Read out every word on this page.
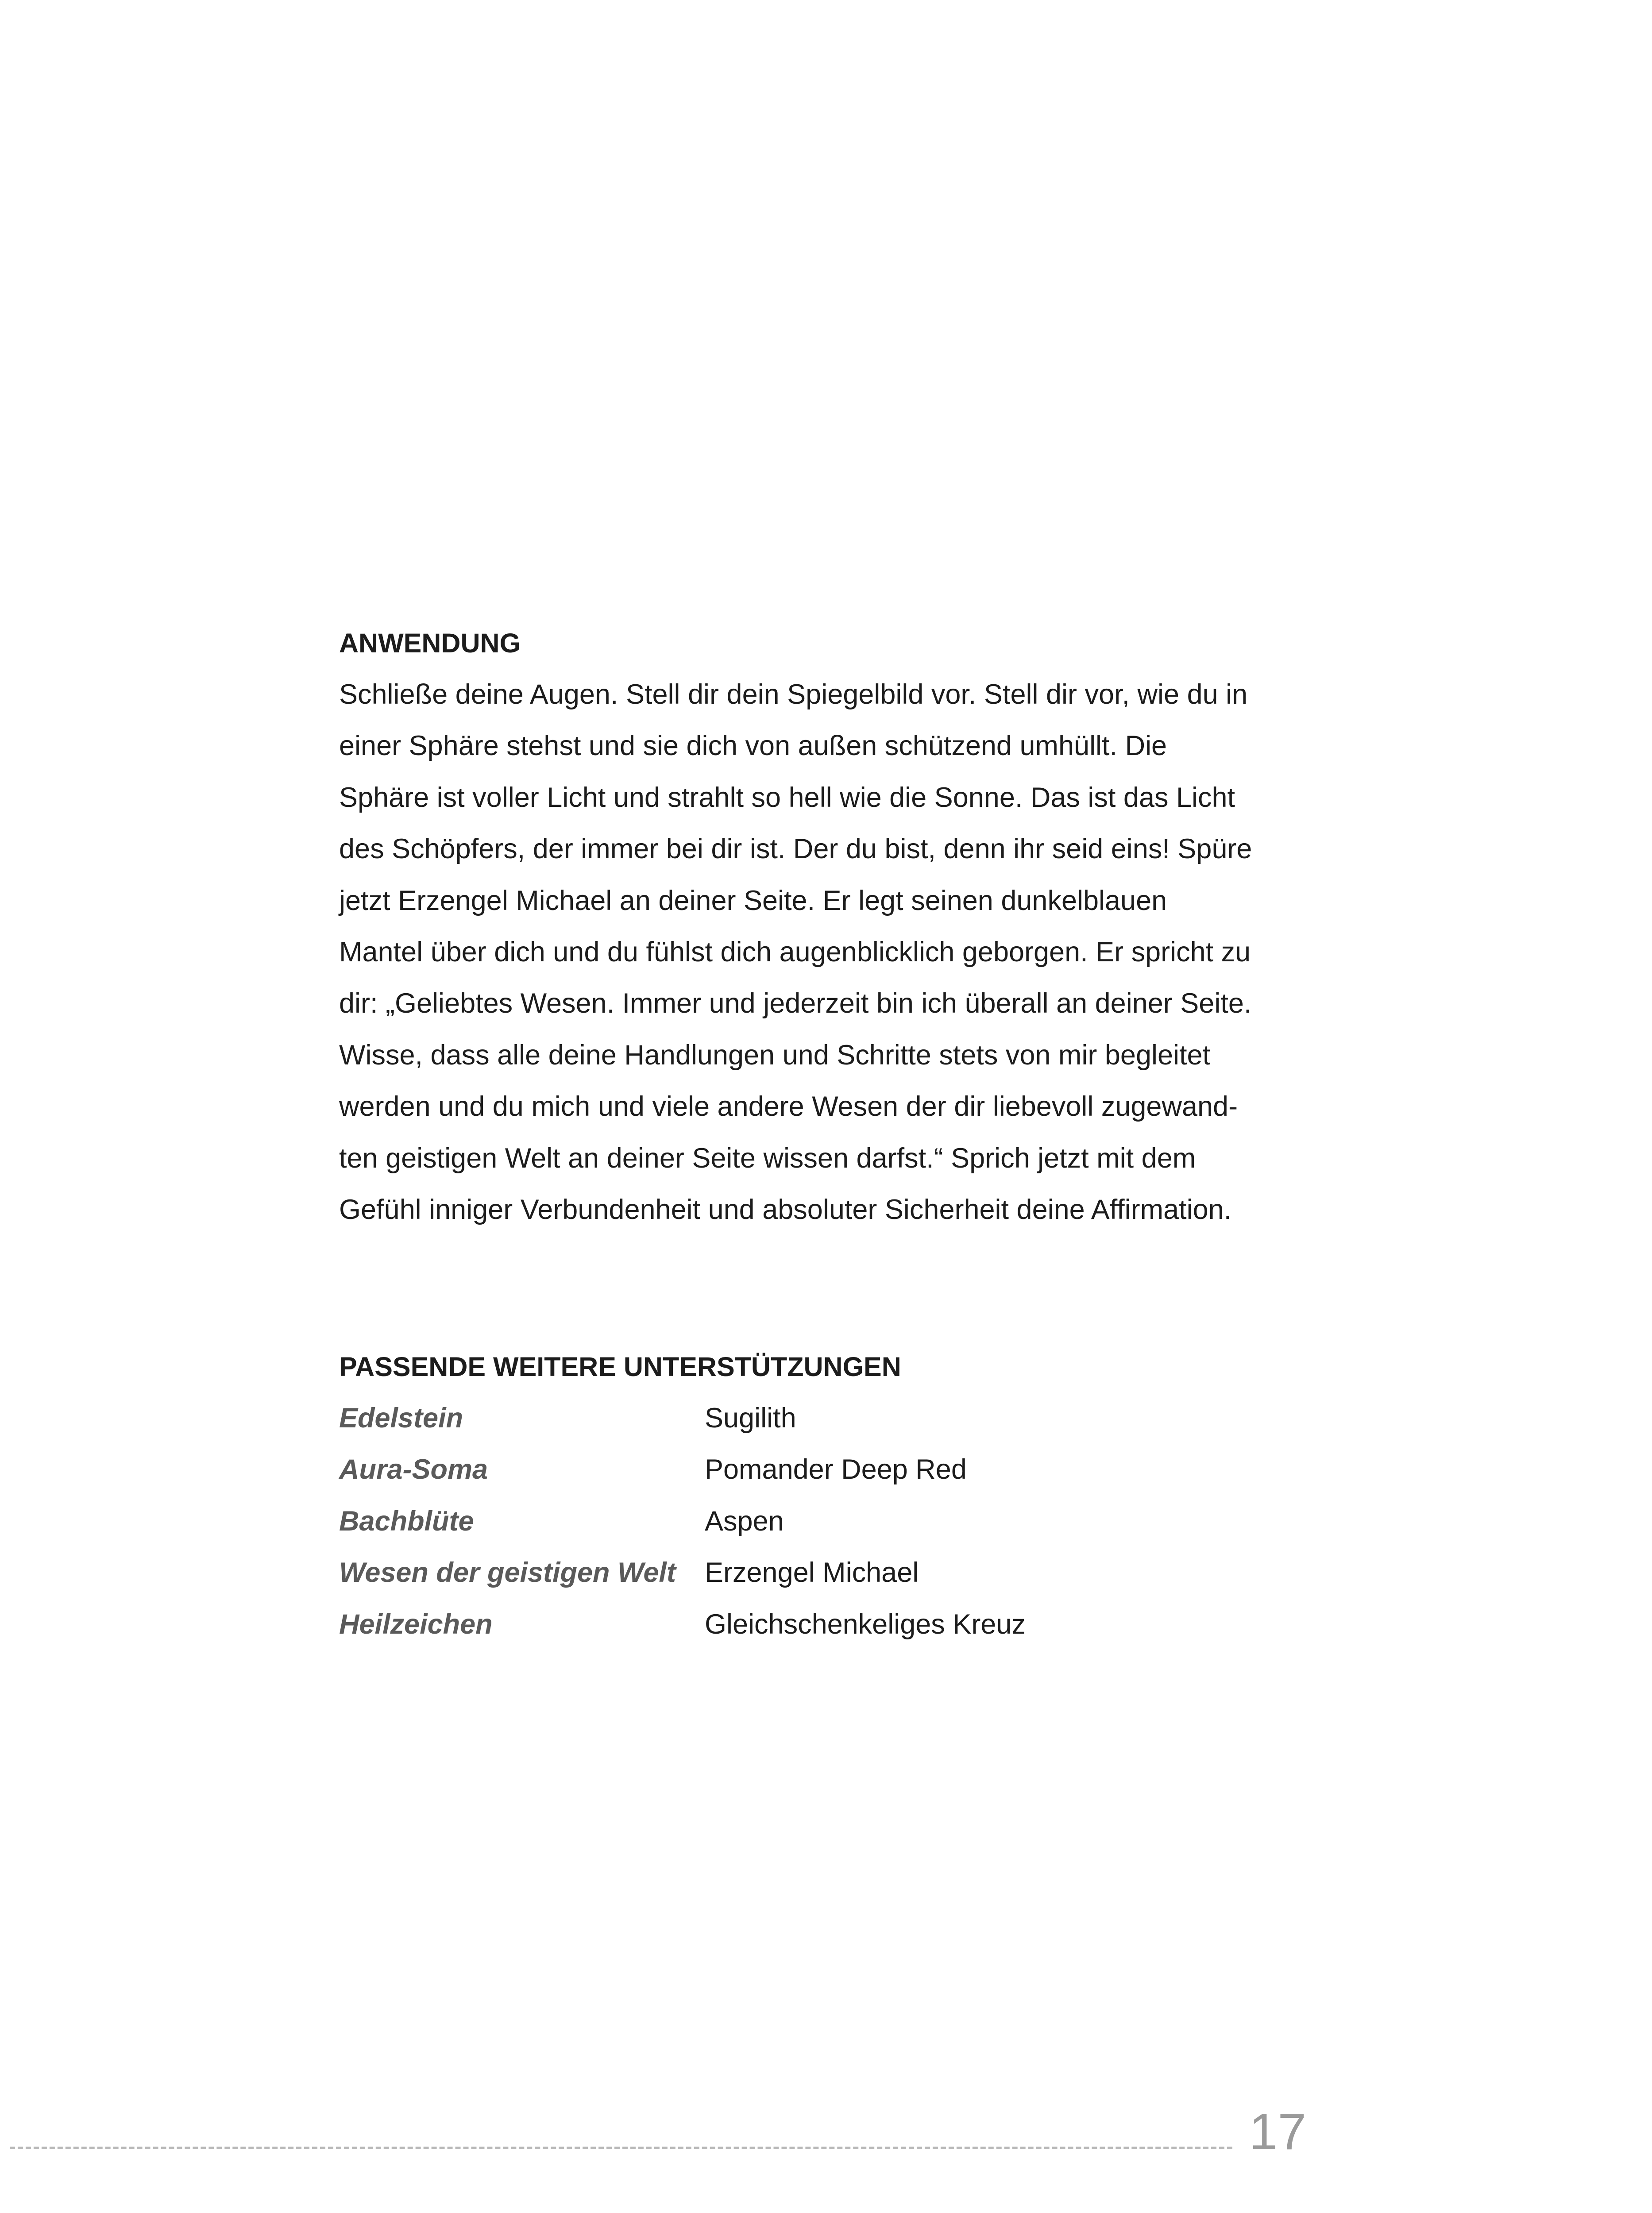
ANWENDUNG

Schließe deine Augen. Stell dir dein Spiegelbild vor. Stell dir vor, wie du in
einer Sphäre stehst und sie dich von außen schützend umhüllt. Die
Sphäre ist voller Licht und strahlt so hell wie die Sonne. Das ist das Licht
des Schöpfers, der immer bei dir ist. Der du bist, denn ihr seid eins! Spüre
jetzt Erzengel Michael an deiner Seite. Er legt seinen dunkelblauen
Mantel über dich und du fühlst dich augenblicklich geborgen. Er spricht zu
dir: „Geliebtes Wesen. Immer und jederzeit bin ich überall an deiner Seite.
Wisse, dass alle deine Handlungen und Schritte stets von mir begleitet
werden und du mich und viele andere Wesen der dir liebevoll zugewand-
ten geistigen Welt an deiner Seite wissen darfst.“ Sprich jetzt mit dem
Gefühl inniger Verbundenheit und absoluter Sicherheit deine Affirmation.

PASSENDE WEITERE UNTERSTÜTZUNGEN
Edelstein	Sugilith
Aura-Soma	Pomander Deep Red
Bachblüte	Aspen
Wesen der geistigen Welt	Erzengel Michael
Heilzeichen	Gleichschenkeliges Kreuz
17
